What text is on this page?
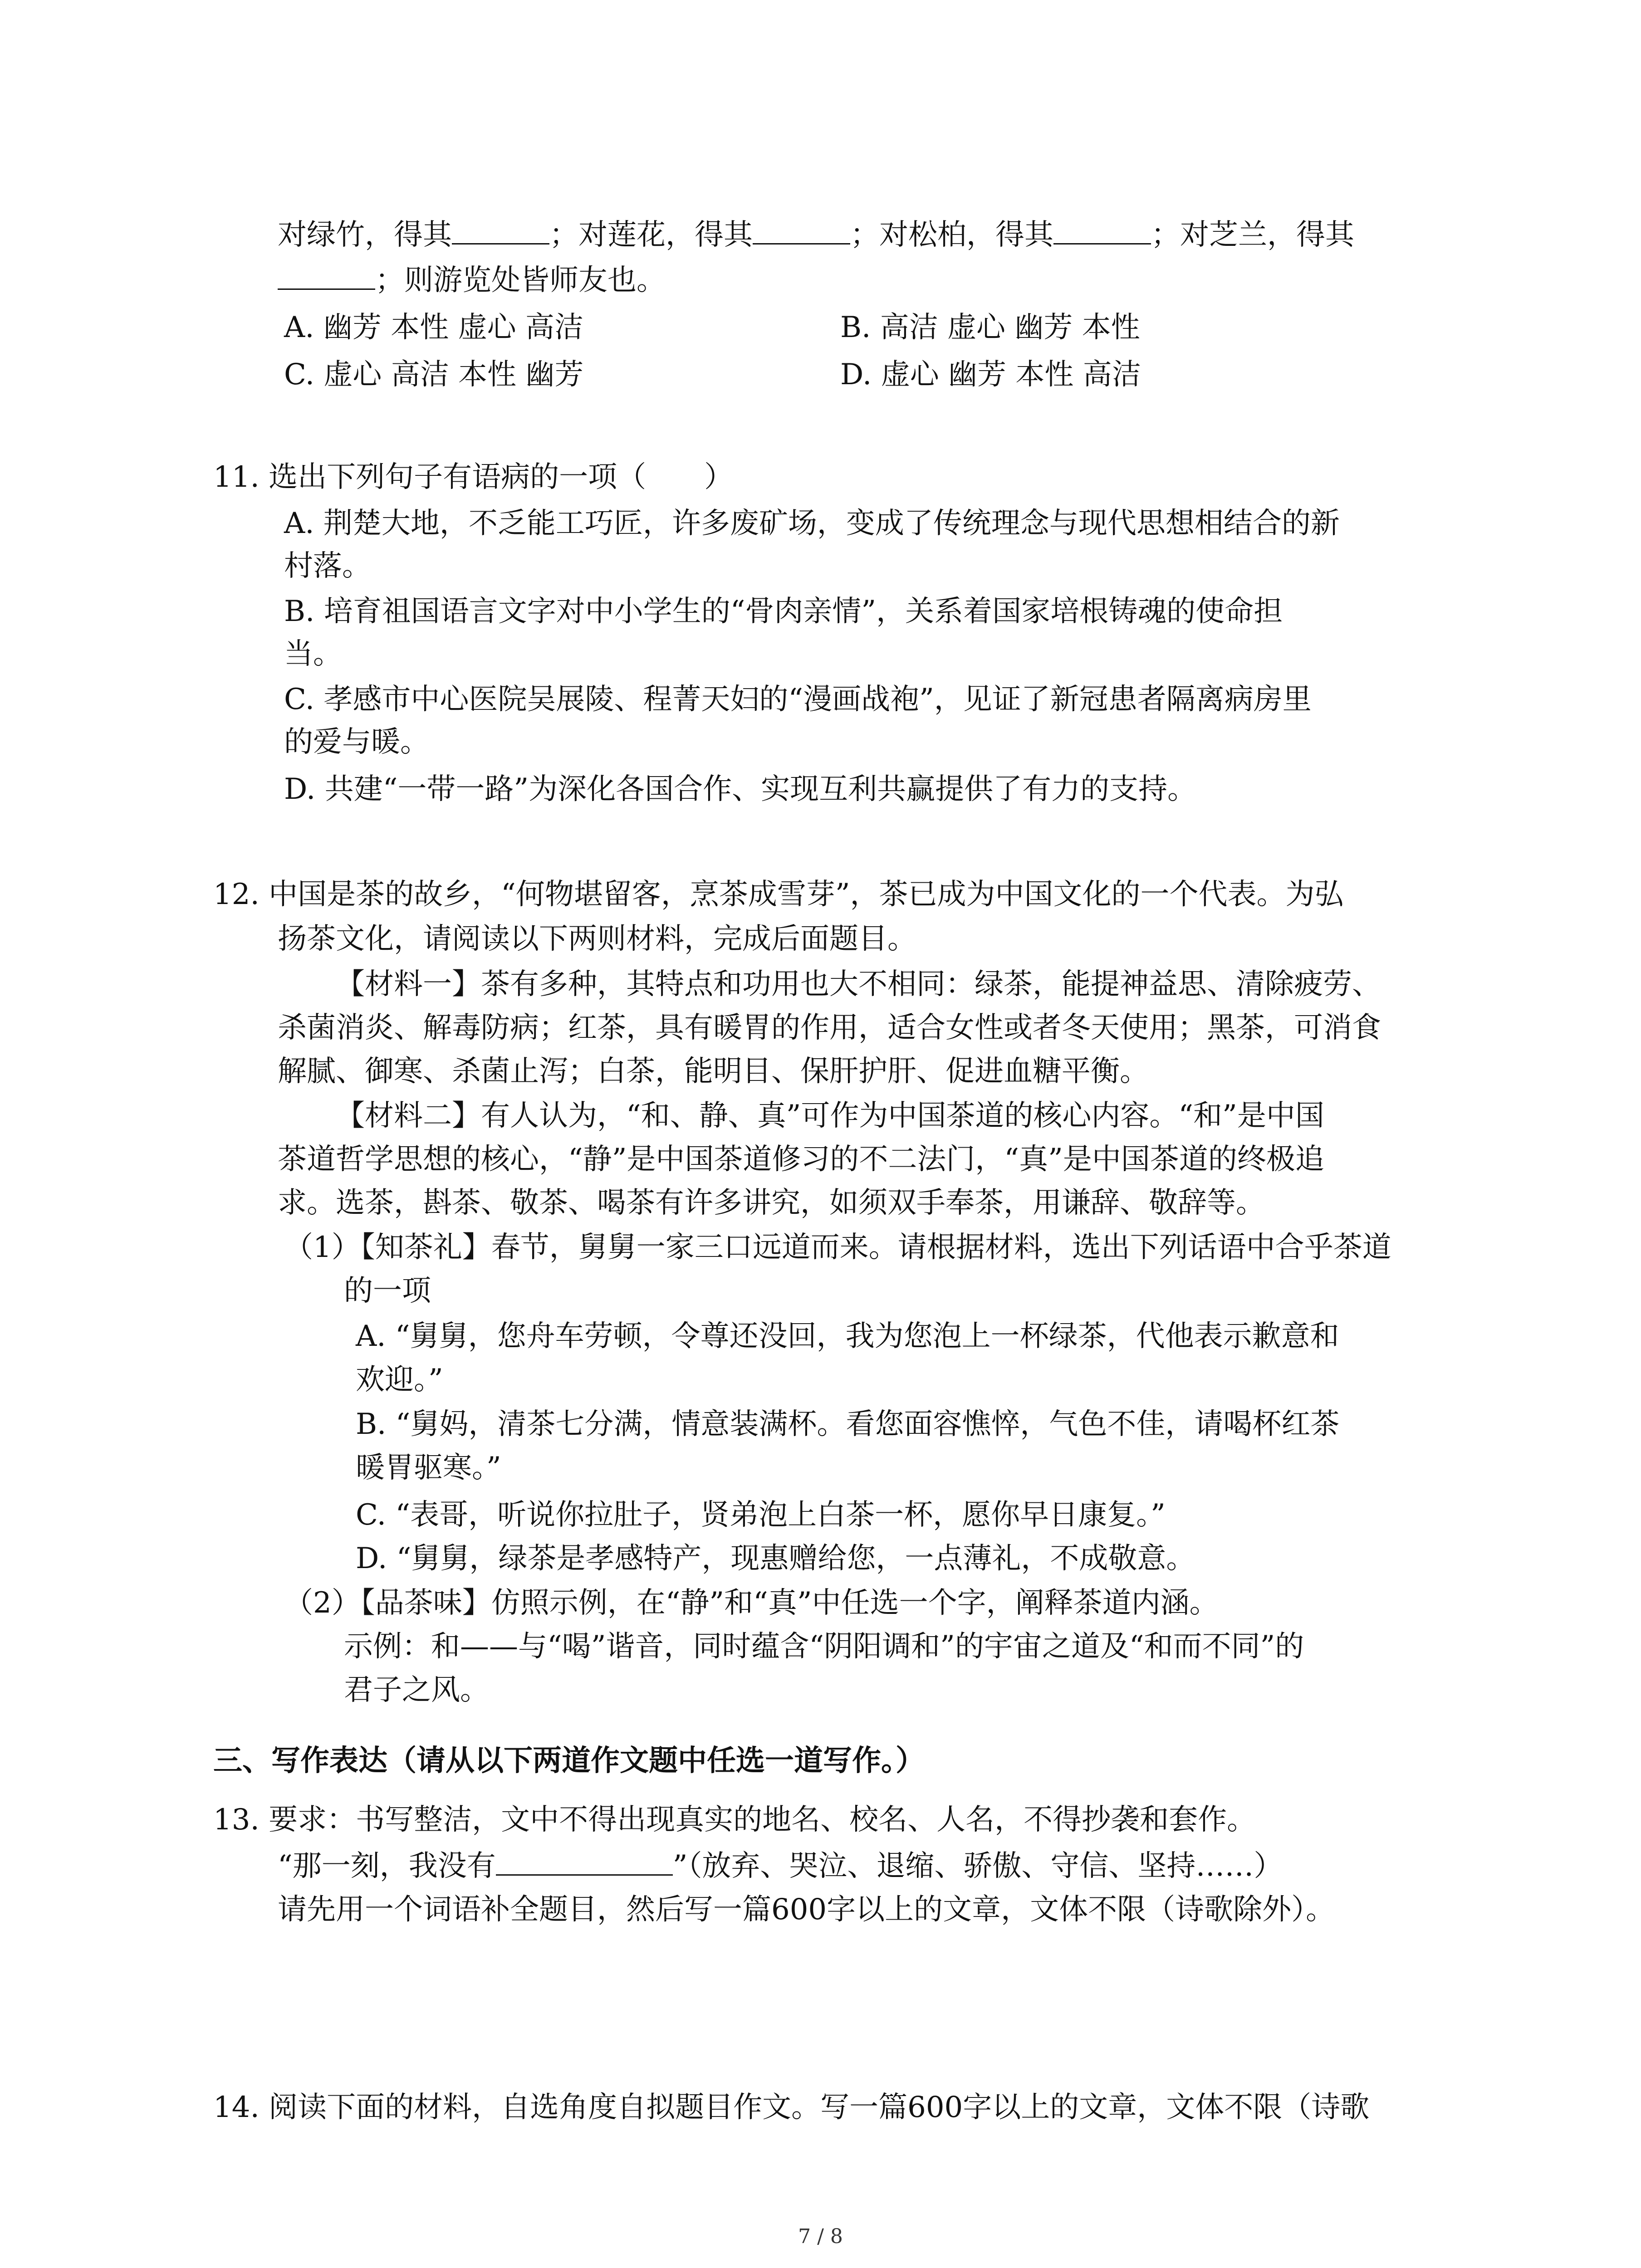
对绿竹，得其	；对莲花，得其	；对松柏，得其	；对芝兰，得其
；则游览处皆师友也。
A. 幽芳 本性 虚心 高洁	B. 高洁 虚心 幽芳 本性
C. 虚心 高洁 本性 幽芳	D. 虚心 幽芳 本性 高洁
11. 选出下列句子有语病的一项（　　）
A. 荆楚大地，不乏能工巧匠，许多废矿场，变成了传统理念与现代思想相结合的新
村落。
B. 培育祖国语言文字对中小学生的“骨肉亲情”，关系着国家培根铸魂的使命担
当。
C. 孝感市中心医院吴展陵、程菁天妇的“漫画战袍”，见证了新冠患者隔离病房里
的爱与暖。
D. 共建“一带一路”为深化各国合作、实现互利共赢提供了有力的支持。
12. 中国是茶的故乡，“何物堪留客，烹茶成雪芽”，茶已成为中国文化的一个代表。为弘
扬茶文化，请阅读以下两则材料，完成后面题目。
【材料一】茶有多种，其特点和功用也大不相同：绿茶，能提神益思、清除疲劳、
杀菌消炎、解毒防病；红茶，具有暖胃的作用，适合女性或者冬天使用；黑茶，可消食
解腻、御寒、杀菌止泻；白茶，能明目、保肝护肝、促进血糖平衡。
【材料二】有人认为，“和、静、真”可作为中国茶道的核心内容。“和”是中国
茶道哲学思想的核心，“静”是中国茶道修习的不二法门，“真”是中国茶道的终极追
求。选茶，斟茶、敬茶、喝茶有许多讲究，如须双手奉茶，用谦辞、敬辞等。
（1）【知茶礼】春节，舅舅一家三口远道而来。请根据材料，选出下列话语中合乎茶道
的一项
A. “舅舅，您舟车劳顿，令尊还没回，我为您泡上一杯绿茶，代他表示歉意和
欢迎。”
B. “舅妈，清茶七分满，情意装满杯。看您面容憔悴，气色不佳，请喝杯红茶
暖胃驱寒。”
C. “表哥，听说你拉肚子，贤弟泡上白茶一杯，愿你早日康复。”
D. “舅舅，绿茶是孝感特产，现惠赠给您，一点薄礼，不成敬意。
（2）【品茶味】仿照示例，在“静”和“真”中任选一个字，阐释茶道内涵。
示例：和——与“喝”谐音，同时蕴含“阴阳调和”的宇宙之道及“和而不同”的
君子之风。
三、写作表达（请从以下两道作文题中任选一道写作。）
13. 要求：书写整洁，文中不得出现真实的地名、校名、人名，不得抄袭和套作。
“那一刻，我没有	”（放弃、哭泣、退缩、骄傲、守信、坚持……）
请先用一个词语补全题目，然后写一篇600字以上的文章，文体不限（诗歌除外）。
14. 阅读下面的材料，自选角度自拟题目作文。写一篇600字以上的文章，文体不限（诗歌
7 / 8
